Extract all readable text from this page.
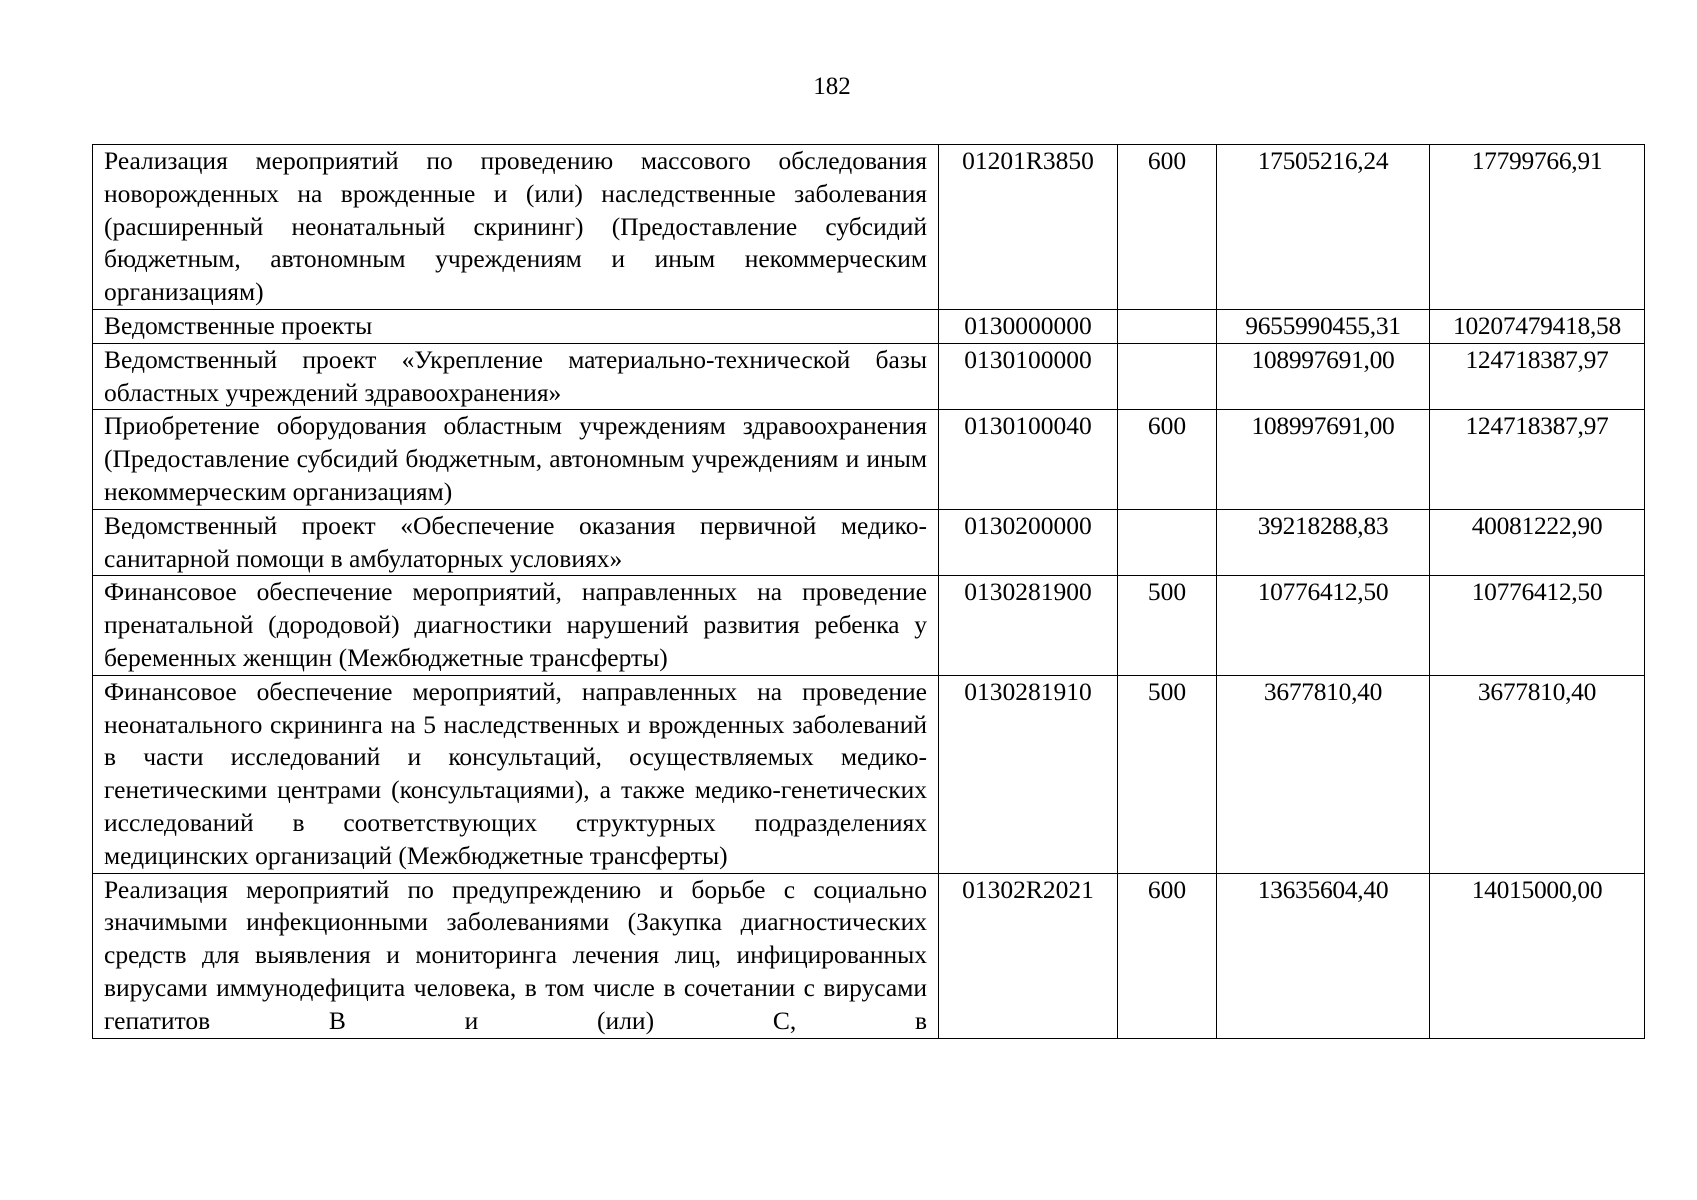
182
Реализация мероприятий по проведению массового обследования новорожденных на врожденные и (или) наследственные заболевания (расширенный неонатальный скрининг) (Предоставление субсидий бюджетным, автономным учреждениям и иным некоммерческим организациям)	01201R3850	600	17505216,24	17799766,91
Ведомственные проекты	0130000000		9655990455,31	10207479418,58
Ведомственный проект «Укрепление материально-технической базы областных учреждений здравоохранения»	0130100000		108997691,00	124718387,97
Приобретение оборудования областным учреждениям здравоохранения (Предоставление субсидий бюджетным, автономным учреждениям и иным некоммерческим организациям)	0130100040	600	108997691,00	124718387,97
Ведомственный проект «Обеспечение оказания первичной медико-санитарной помощи в амбулаторных условиях»	0130200000		39218288,83	40081222,90
Финансовое обеспечение мероприятий, направленных на проведение пренатальной (дородовой) диагностики нарушений развития ребенка у беременных женщин (Межбюджетные трансферты)	0130281900	500	10776412,50	10776412,50
Финансовое обеспечение мероприятий, направленных на проведение неонатального скрининга на 5 наследственных и врожденных заболеваний в части исследований и консультаций, осуществляемых медико-генетическими центрами (консультациями), а также медико-генетических исследований в соответствующих структурных подразделениях медицинских организаций (Межбюджетные трансферты)	0130281910	500	3677810,40	3677810,40
Реализация мероприятий по предупреждению и борьбе с социально значимыми инфекционными заболеваниями (Закупка диагностических средств для выявления и мониторинга лечения лиц, инфицированных вирусами иммунодефицита человека, в том числе в сочетании с вирусами гепатитов B и (или) C, в	01302R2021	600	13635604,40	14015000,00
